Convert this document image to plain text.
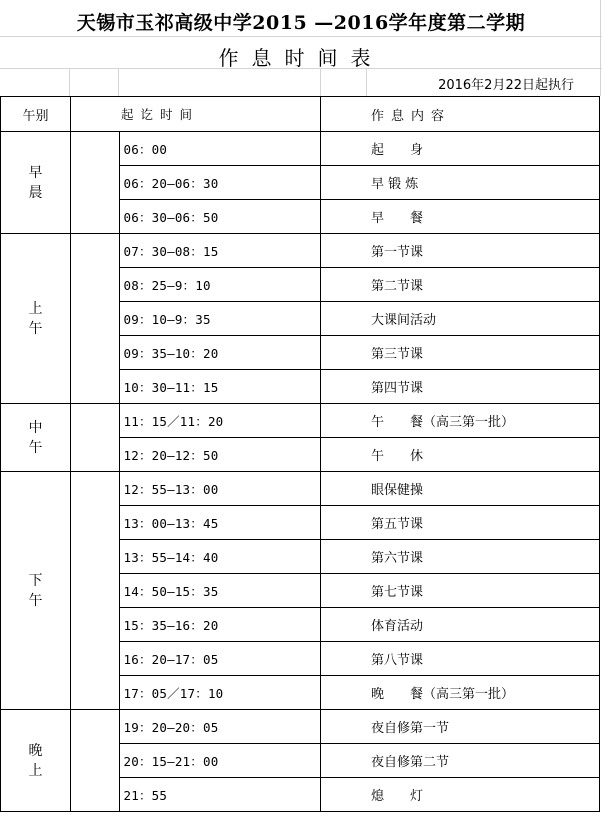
天锡市玉祁高级中学2015 —2016学年度第二学期
作息时间表
2016年2月22日起执行
午别		起讫时间		作息内容
早晨		06：00		起　　身
		06：20—06：30		早 锻 炼
		06：30—06：50		早　　餐
上午		07：30—08：15		第一节课
		08：25—9：10		第二节课
		09：10—9：35		大课间活动
		09：35—10：20		第三节课
		10：30—11：15		第四节课
中午		11：15／11：20		午　　餐（高三第一批）
		12：20—12：50		午　　休
下午		12：55—13：00		眼保健操
		13：00—13：45		第五节课
		13：55—14：40		第六节课
		14：50—15：35		第七节课
		15：35—16：20		体育活动
		16：20—17：05		第八节课
		17：05／17：10		晚　　餐（高三第一批）
晚上		19：20—20：05		夜自修第一节
		20：15—21：00		夜自修第二节
		21：55		熄　　灯
